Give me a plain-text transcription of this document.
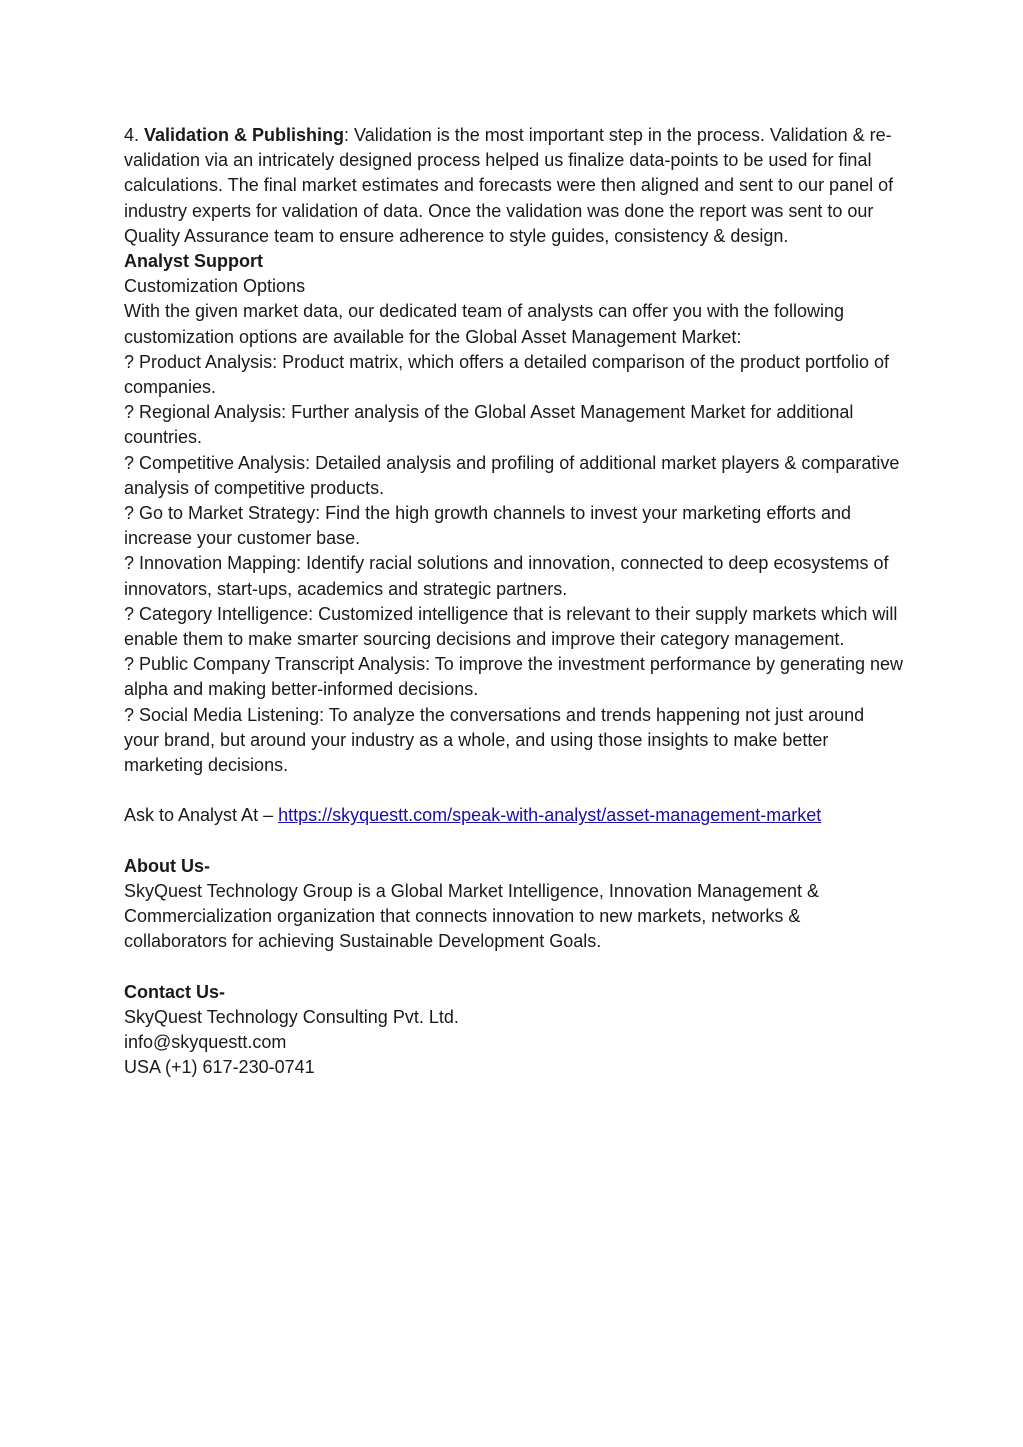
4. Validation & Publishing: Validation is the most important step in the process. Validation & re-validation via an intricately designed process helped us finalize data-points to be used for final calculations. The final market estimates and forecasts were then aligned and sent to our panel of industry experts for validation of data. Once the validation was done the report was sent to our Quality Assurance team to ensure adherence to style guides, consistency & design.

Analyst Support

Customization Options

With the given market data, our dedicated team of analysts can offer you with the following customization options are available for the Global Asset Management Market:

? Product Analysis: Product matrix, which offers a detailed comparison of the product portfolio of companies.

? Regional Analysis: Further analysis of the Global Asset Management Market for additional countries.

? Competitive Analysis: Detailed analysis and profiling of additional market players & comparative analysis of competitive products.

? Go to Market Strategy: Find the high growth channels to invest your marketing efforts and increase your customer base.

? Innovation Mapping: Identify racial solutions and innovation, connected to deep ecosystems of innovators, start-ups, academics and strategic partners.

? Category Intelligence: Customized intelligence that is relevant to their supply markets which will enable them to make smarter sourcing decisions and improve their category management.

? Public Company Transcript Analysis: To improve the investment performance by generating new alpha and making better-informed decisions.

? Social Media Listening: To analyze the conversations and trends happening not just around your brand, but around your industry as a whole, and using those insights to make better marketing decisions.

Ask to Analyst At – https://skyquestt.com/speak-with-analyst/asset-management-market

About Us-

SkyQuest Technology Group is a Global Market Intelligence, Innovation Management & Commercialization organization that connects innovation to new markets, networks & collaborators for achieving Sustainable Development Goals.

Contact Us-

SkyQuest Technology Consulting Pvt. Ltd.

info@skyquestt.com

USA (+1) 617-230-0741
